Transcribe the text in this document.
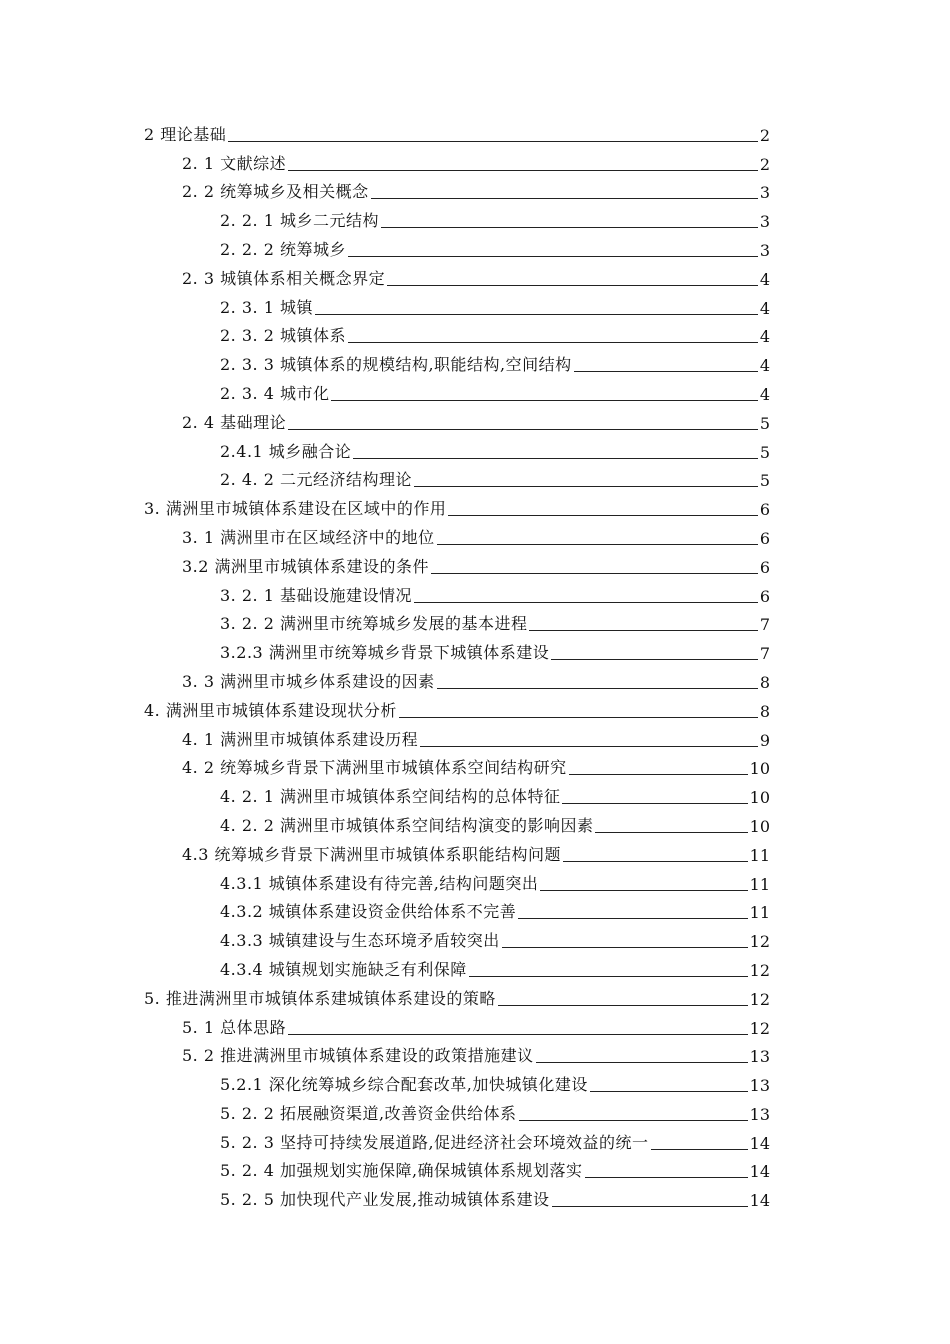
2 理论基础	2
2. 1 文献综述	2
2. 2 统筹城乡及相关概念	3
2. 2. 1 城乡二元结构	3
2. 2. 2 统筹城乡	3
2. 3 城镇体系相关概念界定	4
2. 3. 1 城镇	4
2. 3. 2 城镇体系	4
2. 3. 3 城镇体系的规模结构,职能结构,空间结构	4
2. 3. 4 城市化	4
2. 4 基础理论	5
2.4.1 城乡融合论	5
2. 4. 2 二元经济结构理论	5
3. 满洲里市城镇体系建设在区域中的作用	6
3. 1 满洲里市在区域经济中的地位	6
3.2 满洲里市城镇体系建设的条件	6
3. 2. 1 基础设施建设情况	6
3. 2. 2 满洲里市统筹城乡发展的基本进程	7
3.2.3 满洲里市统筹城乡背景下城镇体系建设	7
3. 3 满洲里市城乡体系建设的因素	8
4. 满洲里市城镇体系建设现状分析	8
4. 1 满洲里市城镇体系建设历程	9
4. 2 统筹城乡背景下满洲里市城镇体系空间结构研究	10
4. 2. 1 满洲里市城镇体系空间结构的总体特征	10
4. 2. 2 满洲里市城镇体系空间结构演变的影响因素	10
4.3 统筹城乡背景下满洲里市城镇体系职能结构问题	11
4.3.1 城镇体系建设有待完善,结构问题突出	11
4.3.2 城镇体系建设资金供给体系不完善	11
4.3.3 城镇建设与生态环境矛盾较突出	12
4.3.4 城镇规划实施缺乏有利保障	12
5. 推进满洲里市城镇体系建城镇体系建设的策略	12
5. 1 总体思路	12
5. 2 推进满洲里市城镇体系建设的政策措施建议	13
5.2.1 深化统筹城乡综合配套改革,加快城镇化建设	13
5. 2. 2 拓展融资渠道,改善资金供给体系	13
5. 2. 3 坚持可持续发展道路,促进经济社会环境效益的统一	14
5. 2. 4 加强规划实施保障,确保城镇体系规划落实	14
5. 2. 5 加快现代产业发展,推动城镇体系建设	14
